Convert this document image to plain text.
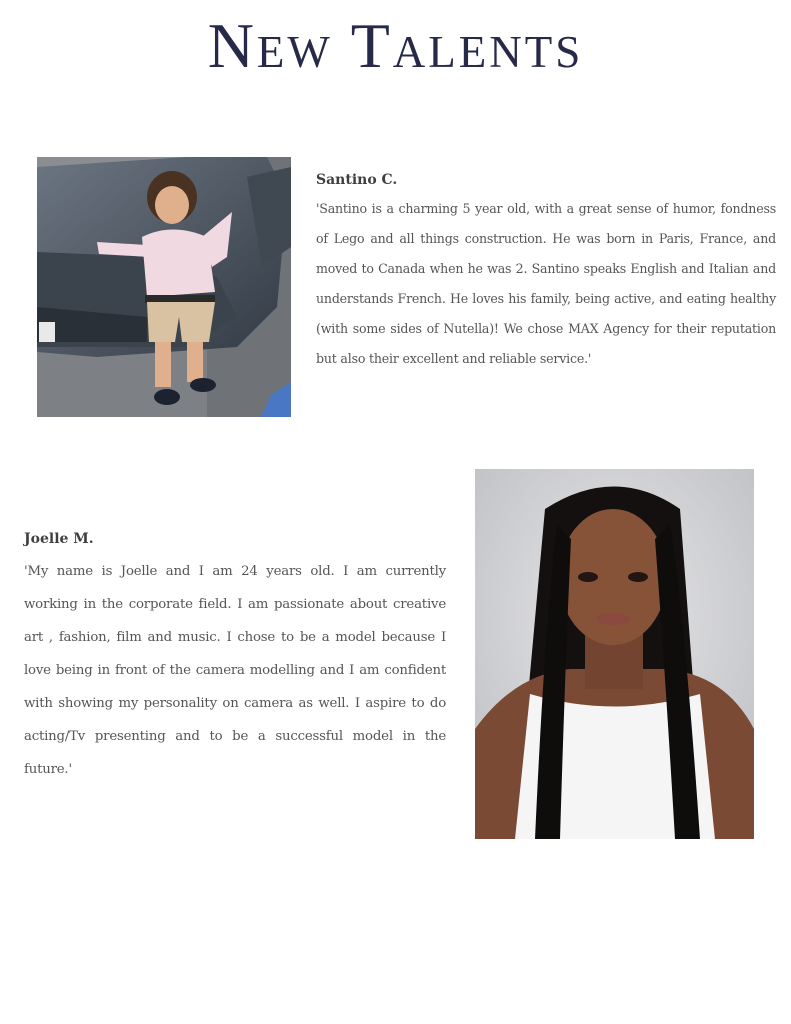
New Talents

Santino C.

'Santino is a charming 5 year old, with a great sense of humor, fondness of Lego and all things construction. He was born in Paris, France, and moved to Canada when he was 2. Santino speaks English and Italian and understands French. He loves his family, being active, and eating healthy (with some sides of Nutella)! We chose MAX Agency for their reputation but also their excellent and reliable service.'

Joelle M.

'My name is Joelle and I am 24 years old. I am currently working in the corporate field. I am passionate about creative art , fashion, film and music. I chose to be a model because I love being in front of the camera modelling and I am confident with showing my personality on camera as well. I aspire to do acting/Tv presenting and to be a successful model in the future.'
